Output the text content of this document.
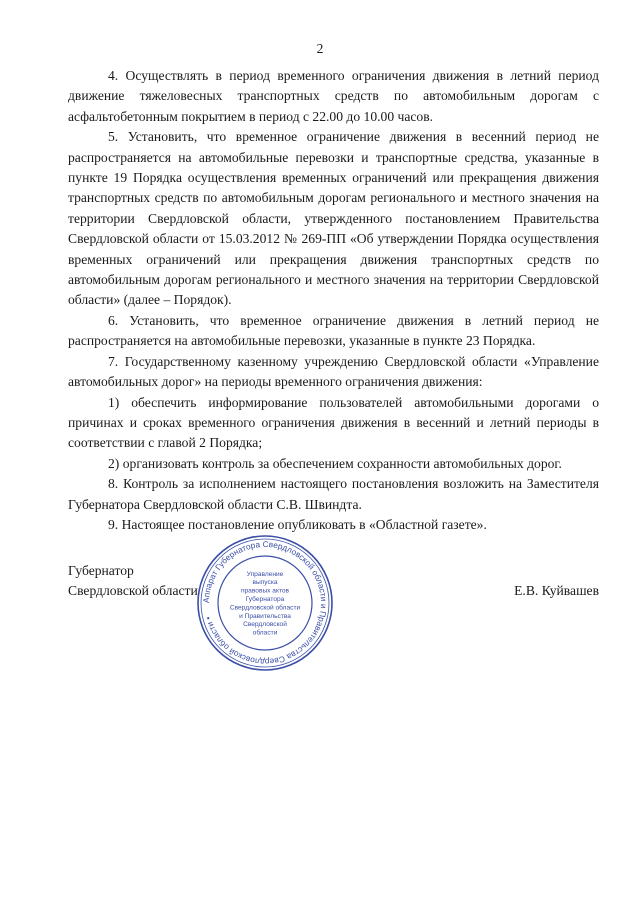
2

4. Осуществлять в период временного ограничения движения в летний период движение тяжеловесных транспортных средств по автомобильным дорогам с асфальтобетонным покрытием в период с 22.00 до 10.00 часов.

5. Установить, что временное ограничение движения в весенний период не распространяется на автомобильные перевозки и транспортные средства, указанные в пункте 19 Порядка осуществления временных ограничений или прекращения движения транспортных средств по автомобильным дорогам регионального и местного значения на территории Свердловской области, утвержденного постановлением Правительства Свердловской области от 15.03.2012 № 269-ПП «Об утверждении Порядка осуществления временных ограничений или прекращения движения транспортных средств по автомобильным дорогам регионального и местного значения на территории Свердловской области» (далее – Порядок).

6. Установить, что временное ограничение движения в летний период не распространяется на автомобильные перевозки, указанные в пункте 23 Порядка.

7. Государственному казенному учреждению Свердловской области «Управление автомобильных дорог» на периоды временного ограничения движения:

1) обеспечить информирование пользователей автомобильными дорогами о причинах и сроках временного ограничения движения в весенний и летний периоды в соответствии с главой 2 Порядка;

2) организовать контроль за обеспечением сохранности автомобильных дорог.

8. Контроль за исполнением настоящего постановления возложить на Заместителя Губернатора Свердловской области С.В. Швиндта.

9. Настоящее постановление опубликовать в «Областной газете».

Аппарат Губернатора Свердловской области и Правительства Свердловской области •
Управление
выпуска
правовых актов
Губернатора
Свердловской области
и Правительства
Свердловской
области
Губернатор
Свердловской области	Е.В. Куйвашев
